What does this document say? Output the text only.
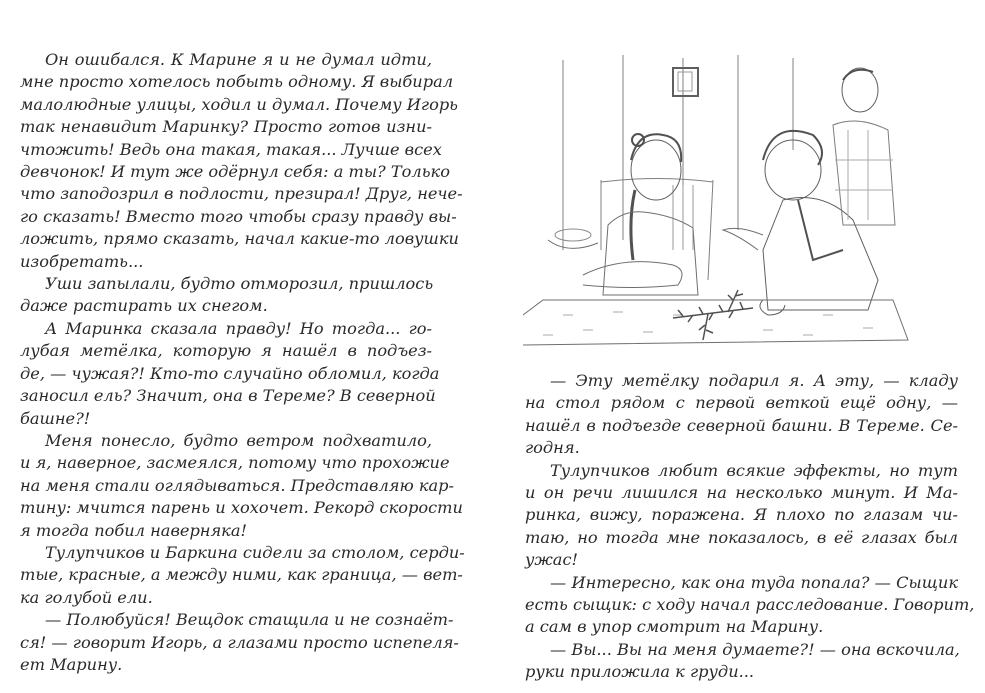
Он ошибался. К Марине я и не думал идти,
мне просто хотелось побыть одному. Я выбирал
малолюдные улицы, ходил и думал. Почему Игорь
так ненавидит Маринку? Просто готов изни-
чтожить! Ведь она такая, такая... Лучше всех
девчонок! И тут же одёрнул себя: а ты? Только
что заподозрил в подлости, презирал! Друг, нече-
го сказать! Вместо того чтобы сразу правду вы-
ложить, прямо сказать, начал какие-то ловушки
изобретать...
Уши запылали, будто отморозил, пришлось
даже растирать их снегом.
А Маринка сказала правду! Но тогда... го-
лубая метёлка, которую я нашёл в подъез-
де, — чужая?! Кто-то случайно обломил, когда
заносил ель? Значит, она в Тереме? В северной
башне?!
Меня понесло, будто ветром подхватило,
и я, наверное, засмеялся, потому что прохожие
на меня стали оглядываться. Представляю кар-
тину: мчится парень и хохочет. Рекорд скорости
я тогда побил наверняка!
Тулупчиков и Баркина сидели за столом, серди-
тые, красные, а между ними, как граница, — вет-
ка голубой ели.
— Полюбуйся! Вещдок стащила и не сознаёт-
ся! — говорит Игорь, а глазами просто испепеля-
ет Марину.
— Эту метёлку подарил я. А эту, — кладу
на стол рядом с первой веткой ещё одну, —
нашёл в подъезде северной башни. В Тереме. Се-
годня.
Тулупчиков любит всякие эффекты, но тут
и он речи лишился на несколько минут. И Ма-
ринка, вижу, поражена. Я плохо по глазам чи-
таю, но тогда мне показалось, в её глазах был
ужас!
— Интересно, как она туда попала? — Сыщик
есть сыщик: с ходу начал расследование. Говорит,
а сам в упор смотрит на Марину.
— Вы... Вы на меня думаете?! — она вскочила,
руки приложила к груди...
